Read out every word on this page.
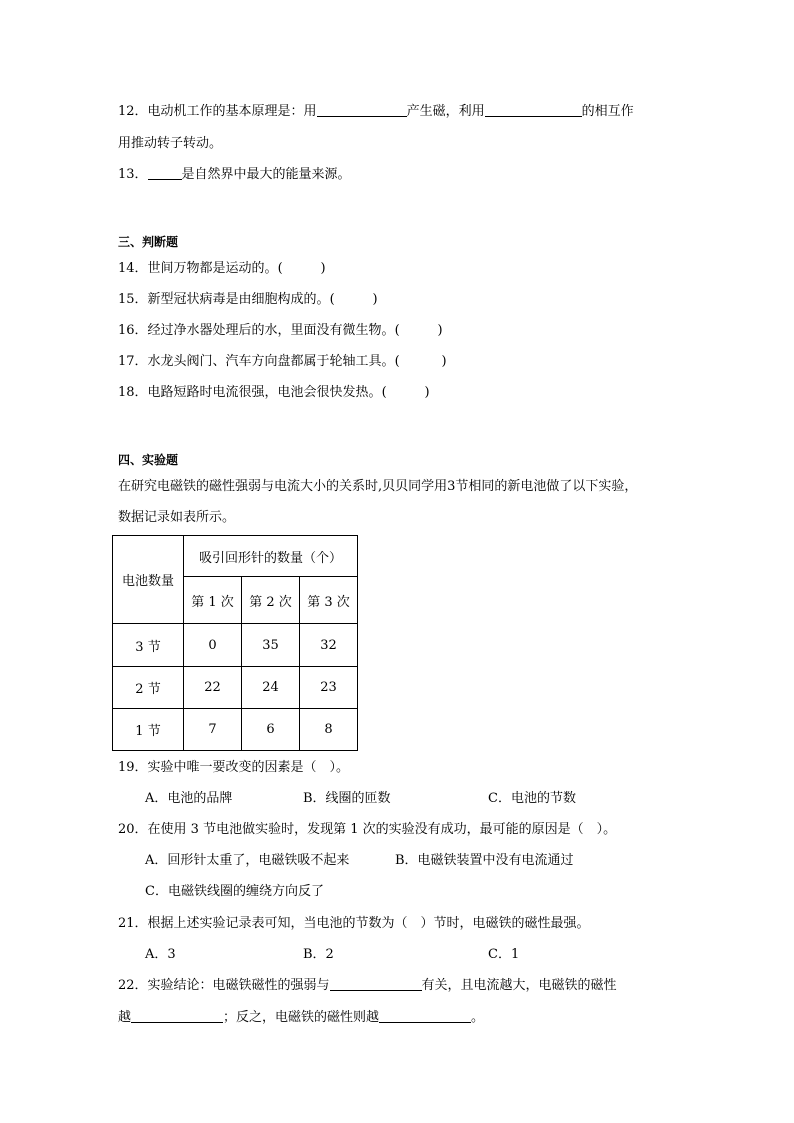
12．电动机工作的基本原理是：用	产生磁，利用	的相互作
用推动转子转动。
13．	是自然界中最大的能量来源。
三、判断题
14．世间万物都是运动的。(	)
15．新型冠状病毒是由细胞构成的。(	)
16．经过净水器处理后的水，里面没有微生物。(	)
17．水龙头阀门、汽车方向盘都属于轮轴工具。(	)
18．电路短路时电流很强，电池会很快发热。(	)
四、实验题
在研究电磁铁的磁性强弱与电流大小的关系时,贝贝同学用3节相同的新电池做了以下实验，
数据记录如表所示。
电池数量	吸引回形针的数量（个）		
	第 1 次	第 2 次	第 3 次
3 节	0	35	32
2 节	22	24	23
1 节	7	6	8
19．实验中唯一要改变的因素是（　）。
A．电池的品牌	B．线圈的匝数	C．电池的节数
20．在使用 3 节电池做实验时，发现第 1 次的实验没有成功，最可能的原因是（　）。
A．回形针太重了，电磁铁吸不起来	B．电磁铁装置中没有电流通过
C．电磁铁线圈的缠绕方向反了
21．根据上述实验记录表可知，当电池的节数为（　）节时，电磁铁的磁性最强。
A．3	B．2	C．1
22．实验结论：电磁铁磁性的强弱与	有关，且电流越大，电磁铁的磁性
越	；反之，电磁铁的磁性则越	。
